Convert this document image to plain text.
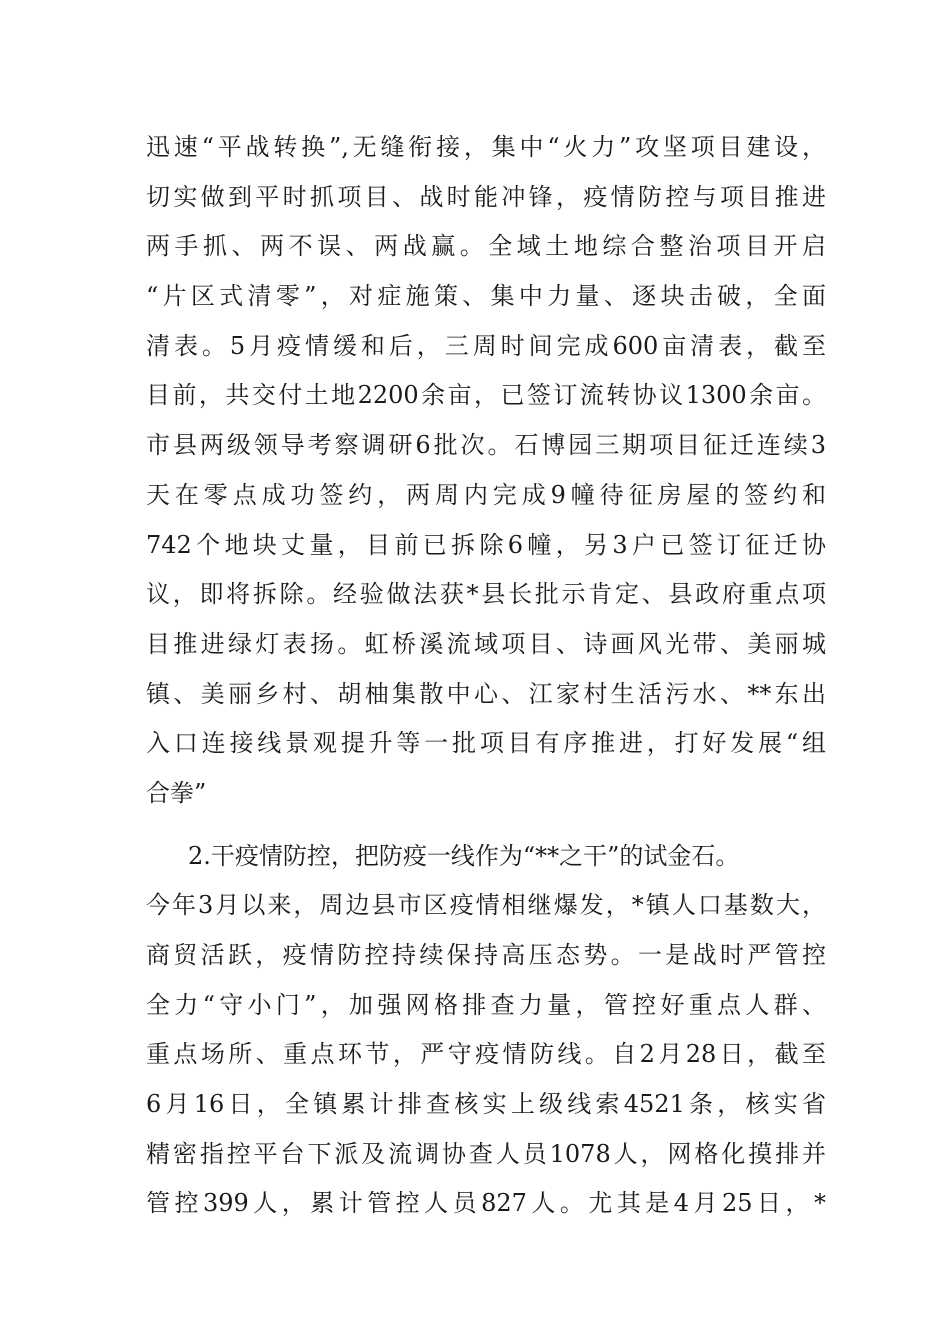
迅速“平战转换”,无缝衔接，集中“火力”攻坚项目建设，
切实做到平时抓项目、战时能冲锋，疫情防控与项目推进
两手抓、两不误、两战赢。全域土地综合整治项目开启
“片区式清零”，对症施策、集中力量、逐块击破，全面
清表。5月疫情缓和后，三周时间完成600亩清表，截至
目前，共交付土地2200余亩，已签订流转协议1300余亩。
市县两级领导考察调研6批次。石博园三期项目征迁连续3
天在零点成功签约，两周内完成9幢待征房屋的签约和
742个地块丈量，目前已拆除6幢，另3户已签订征迁协
议，即将拆除。经验做法获*县长批示肯定、县政府重点项
目推进绿灯表扬。虹桥溪流域项目、诗画风光带、美丽城
镇、美丽乡村、胡柚集散中心、江家村生活污水、**东出
入口连接线景观提升等一批项目有序推进，打好发展“组
合拳”
2.干疫情防控，把防疫一线作为“**之干”的试金石。
今年3月以来，周边县市区疫情相继爆发，*镇人口基数大，
商贸活跃，疫情防控持续保持高压态势。一是战时严管控
全力“守小门”，加强网格排查力量，管控好重点人群、
重点场所、重点环节，严守疫情防线。自2月28日，截至
6月16日，全镇累计排查核实上级线索4521条，核实省
精密指控平台下派及流调协查人员1078人，网格化摸排并
管控399人，累计管控人员827人。尤其是4月25日，*
